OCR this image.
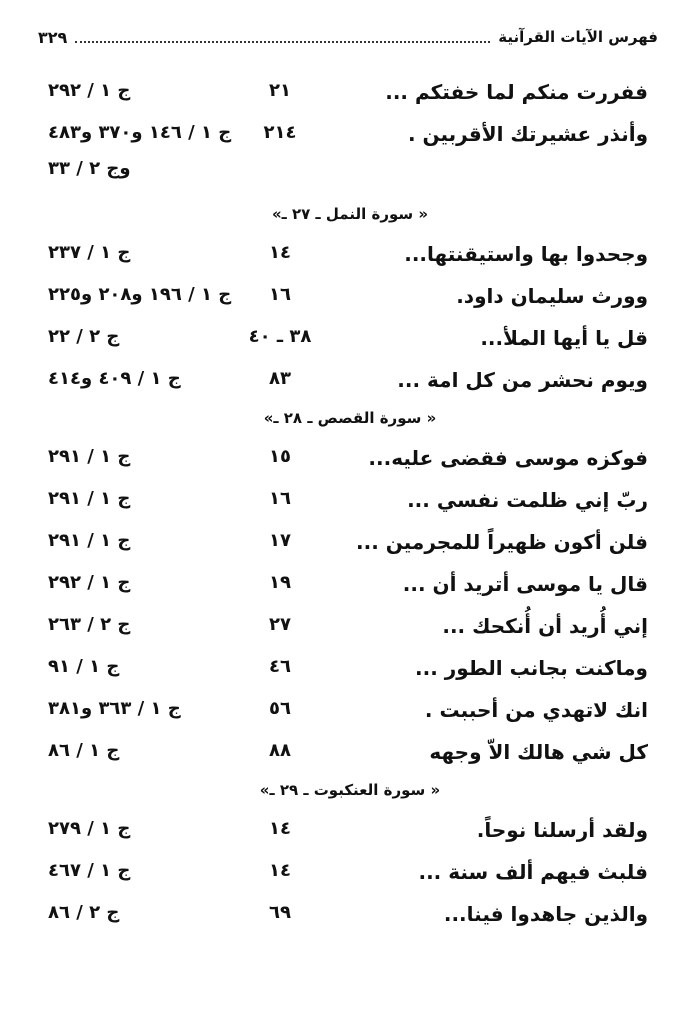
فهرس الآيات القرآنية
٣٢٩
ففررت منكم لما خفتكم ...
٢١
ج ١ / ٢٩٢
وأنذر عشيرتك الأقربين .
٢١٤
ج ١ / ١٤٦ و٣٧٠ و٤٨٣
وج ٢ / ٣٣
« سورة النمل ـ ٢٧ ـ»
وجحدوا بها واستيقنتها...
١٤
ج ١ / ٢٣٧
وورث سليمان داود.
١٦
ج ١ / ١٩٦ و٢٠٨ و٢٢٥
قل يا أيها الملأ...
٣٨ ـ ٤٠
ج ٢ / ٢٢
ويوم نحشر من كل امة ...
٨٣
ج ١ / ٤٠٩ و٤١٤
« سورة القصص ـ ٢٨ ـ»
فوكزه موسى فقضى عليه...
١٥
ج ١ / ٢٩١
ربّ إني ظلمت نفسي ...
١٦
ج ١ / ٢٩١
فلن أكون ظهيراً للمجرمين ...
١٧
ج ١ / ٢٩١
قال يا موسى أتريد أن ...
١٩
ج ١ / ٢٩٢
إني أُريد أن أُنكحك ...
٢٧
ج ٢ / ٢٦٣
وماكنت بجانب الطور ...
٤٦
ج ١ / ٩١
انك لاتهدي من أحببت .
٥٦
ج ١ / ٣٦٣ و٣٨١
كل شي هالك الاّ وجهه
٨٨
ج ١ / ٨٦
« سورة العنكبوت ـ ٢٩ ـ»
ولقد أرسلنا نوحاً.
١٤
ج ١ / ٢٧٩
فلبث فيهم ألف سنة ...
١٤
ج ١ / ٤٦٧
والذين جاهدوا فينا...
٦٩
ج ٢ / ٨٦
